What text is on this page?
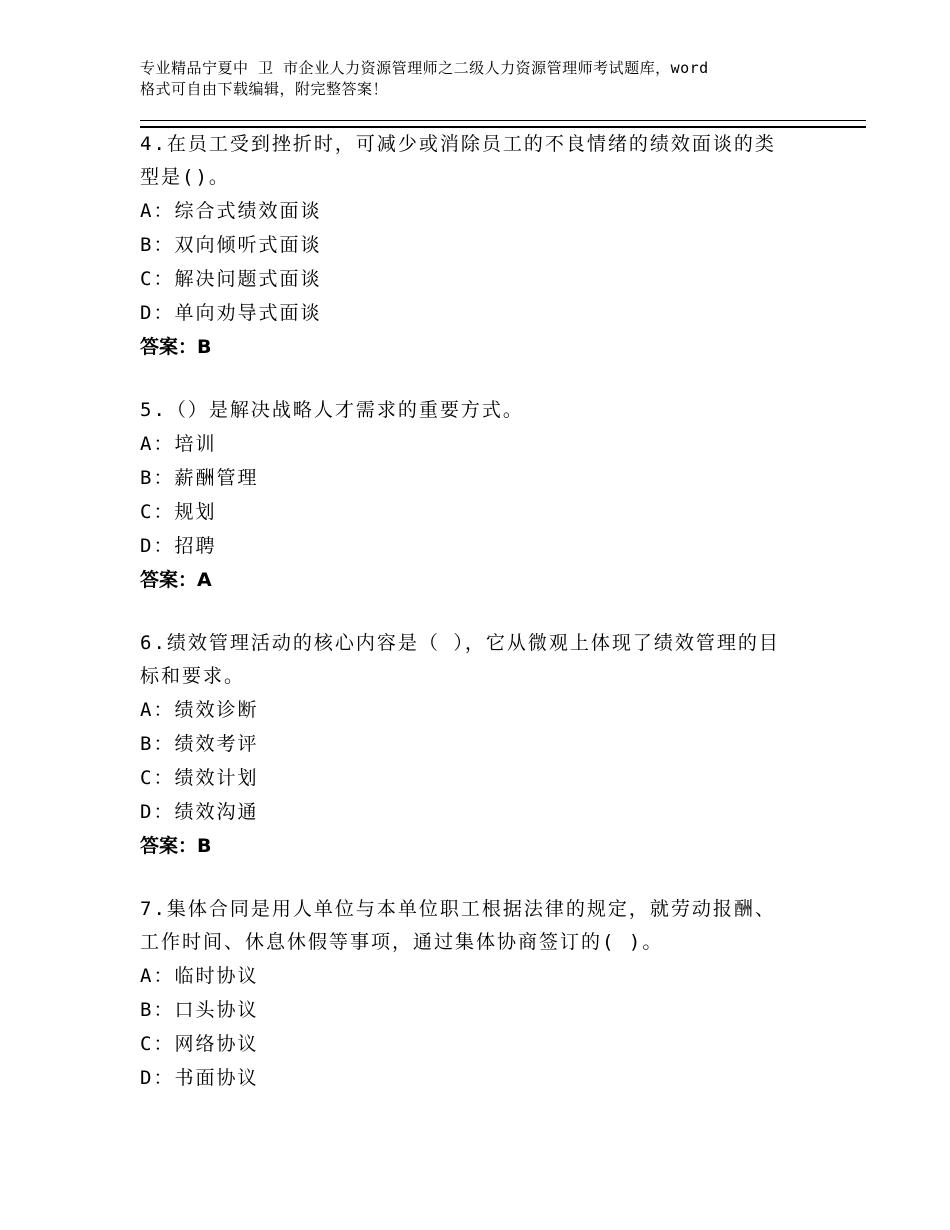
专业精品宁夏中 卫 市企业人力资源管理师之二级人力资源管理师考试题库，word
格式可自由下载编辑，附完整答案！
4.在员工受到挫折时，可减少或消除员工的不良情绪的绩效面谈的类
型是()。
A：综合式绩效面谈
B：双向倾听式面谈
C：解决问题式面谈
D：单向劝导式面谈
答案：B
5.（）是解决战略人才需求的重要方式。
A：培训
B：薪酬管理
C：规划
D：招聘
答案：A
6.绩效管理活动的核心内容是（ ），它从微观上体现了绩效管理的目
标和要求。
A：绩效诊断
B：绩效考评
C：绩效计划
D：绩效沟通
答案：B
7.集体合同是用人单位与本单位职工根据法律的规定，就劳动报酬、
工作时间、休息休假等事项，通过集体协商签订的( )。
A：临时协议
B：口头协议
C：网络协议
D：书面协议
